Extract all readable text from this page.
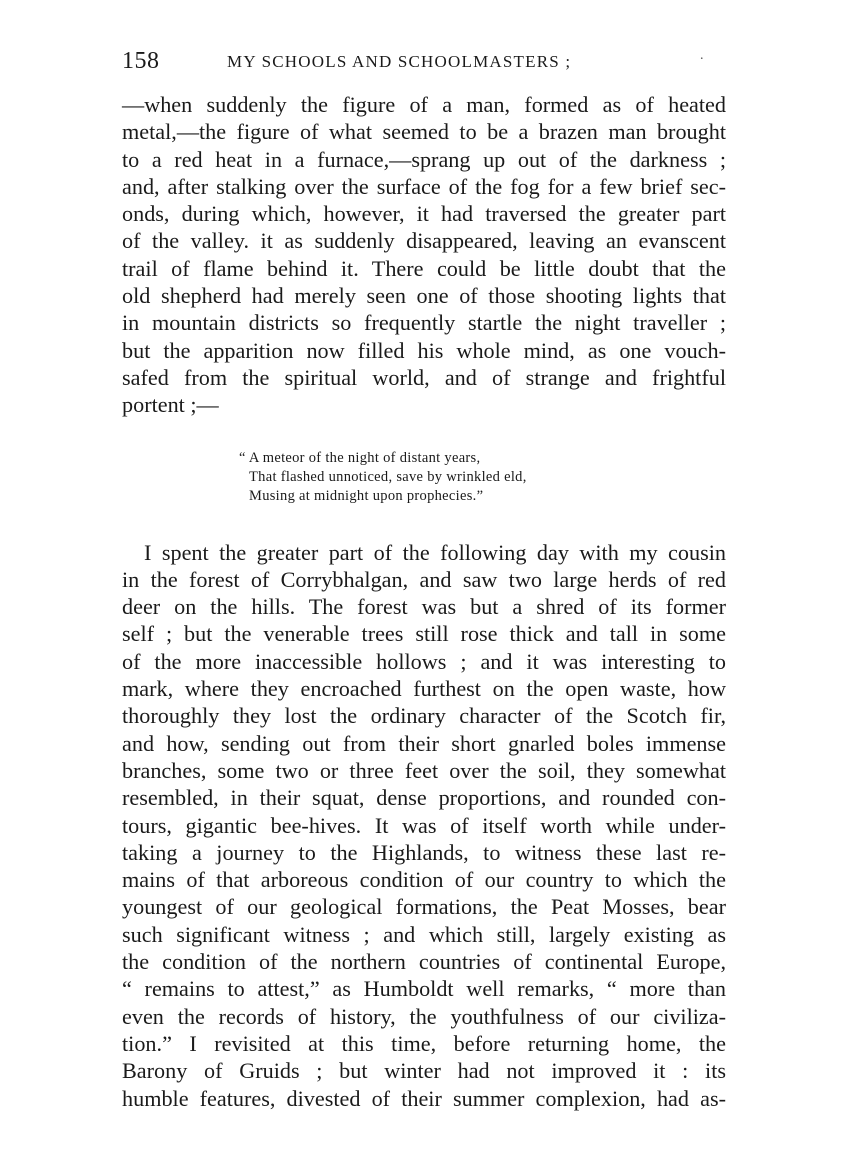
158	MY SCHOOLS AND SCHOOLMASTERS ;	.
—when suddenly the figure of a man, formed as of heated
metal,—the figure of what seemed to be a brazen man brought
to a red heat in a furnace,—sprang up out of the darkness ;
and, after stalking over the surface of the fog for a few brief sec-
onds, during which, however, it had traversed the greater part
of the valley. it as suddenly disappeared, leaving an evanscent
trail of flame behind it. There could be little doubt that the
old shepherd had merely seen one of those shooting lights that
in mountain districts so frequently startle the night traveller ;
but the apparition now filled his whole mind, as one vouch-
safed from the spiritual world, and of strange and frightful
portent ;—
“ A meteor of the night of distant years,
That flashed unnoticed, save by wrinkled eld,
Musing at midnight upon prophecies.”
I spent the greater part of the following day with my cousin
in the forest of Corrybhalgan, and saw two large herds of red
deer on the hills. The forest was but a shred of its former
self ; but the venerable trees still rose thick and tall in some
of the more inaccessible hollows ; and it was interesting to
mark, where they encroached furthest on the open waste, how
thoroughly they lost the ordinary character of the Scotch fir,
and how, sending out from their short gnarled boles immense
branches, some two or three feet over the soil, they somewhat
resembled, in their squat, dense proportions, and rounded con-
tours, gigantic bee-hives. It was of itself worth while under-
taking a journey to the Highlands, to witness these last re-
mains of that arboreous condition of our country to which the
youngest of our geological formations, the Peat Mosses, bear
such significant witness ; and which still, largely existing as
the condition of the northern countries of continental Europe,
“ remains to attest,” as Humboldt well remarks, “ more than
even the records of history, the youthfulness of our civiliza-
tion.” I revisited at this time, before returning home, the
Barony of Gruids ; but winter had not improved it : its
humble features, divested of their summer complexion, had as-
